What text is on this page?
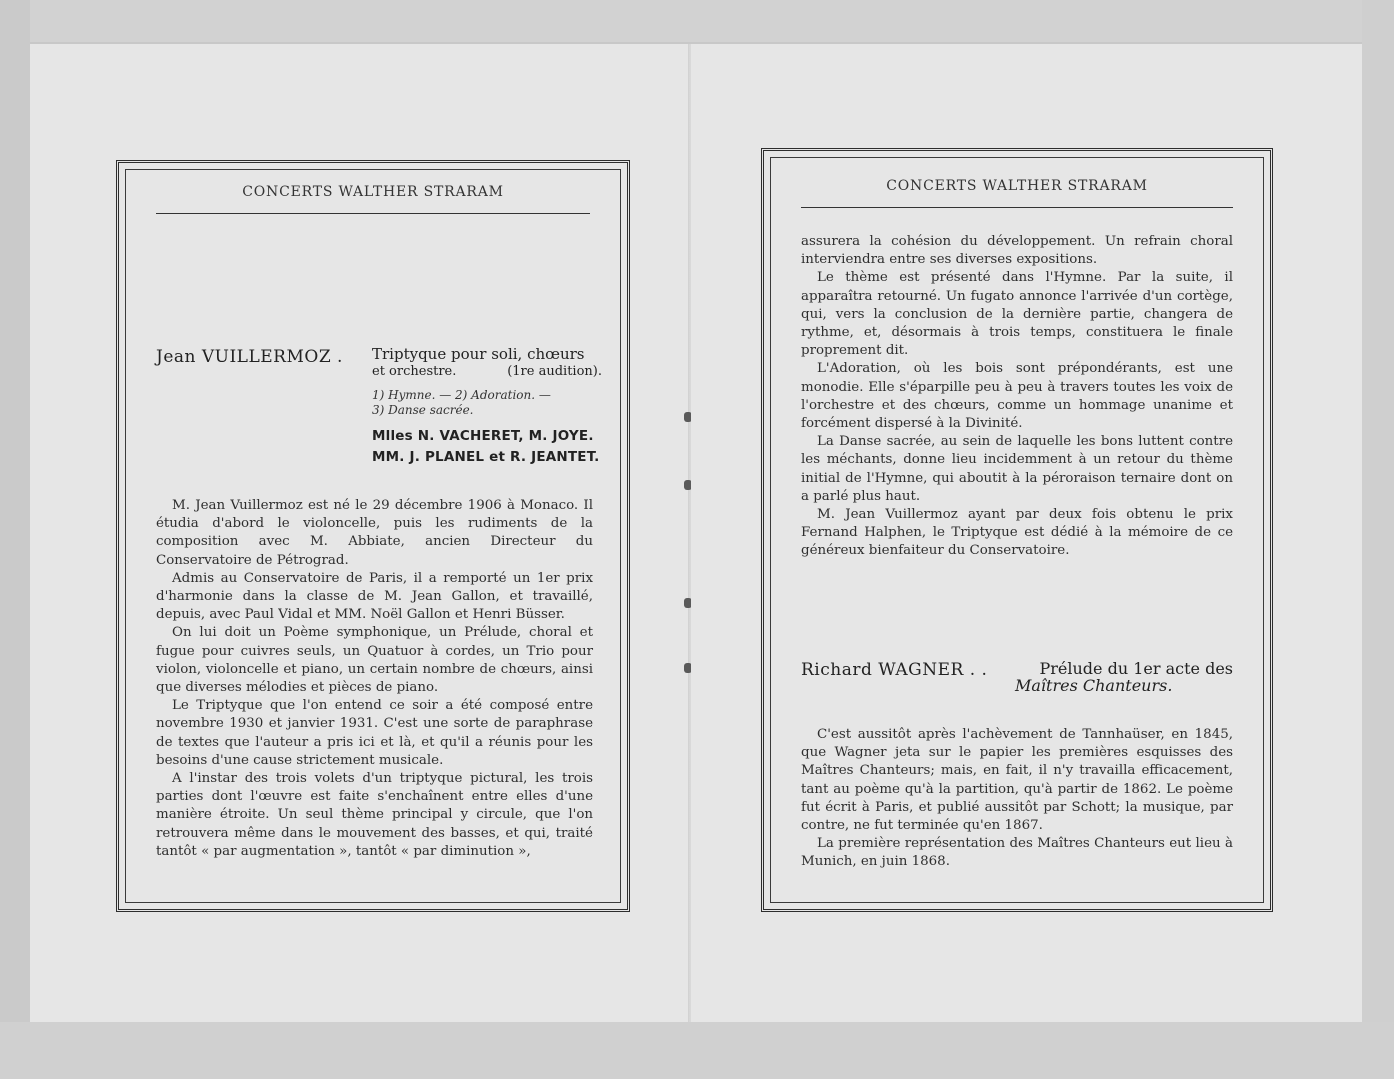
CONCERTS WALTHER STRARAM
Jean VUILLERMOZ . Triptyque pour soli, chœurs
et orchestre.	(1re audition).
1) Hymne. — 2) Adoration. —
3) Danse sacrée.
Mlles N. VACHERET, M. JOYE.
MM. J. PLANEL et R. JEANTET.

M. Jean Vuillermoz est né le 29 décembre 1906 à Monaco. Il étudia d'abord le violoncelle, puis les rudiments de la composition avec M. Abbiate, ancien Directeur du Conservatoire de Pétrograd.

Admis au Conservatoire de Paris, il a remporté un 1er prix d'harmonie dans la classe de M. Jean Gallon, et travaillé, depuis, avec Paul Vidal et MM. Noël Gallon et Henri Büsser.

On lui doit un Poème symphonique, un Prélude, choral et fugue pour cuivres seuls, un Quatuor à cordes, un Trio pour violon, violoncelle et piano, un certain nombre de chœurs, ainsi que diverses mélodies et pièces de piano.

Le Triptyque que l'on entend ce soir a été composé entre novembre 1930 et janvier 1931. C'est une sorte de paraphrase de textes que l'auteur a pris ici et là, et qu'il a réunis pour les besoins d'une cause strictement musicale.

A l'instar des trois volets d'un triptyque pictural, les trois parties dont l'œuvre est faite s'enchaînent entre elles d'une manière étroite. Un seul thème principal y circule, que l'on retrouvera même dans le mouvement des basses, et qui, traité tantôt « par augmentation », tantôt « par diminution »,

CONCERTS WALTHER STRARAM

assurera la cohésion du développement. Un refrain choral interviendra entre ses diverses expositions.

Le thème est présenté dans l'Hymne. Par la suite, il apparaîtra retourné. Un fugato annonce l'arrivée d'un cortège, qui, vers la conclusion de la dernière partie, changera de rythme, et, désormais à trois temps, constituera le finale proprement dit.

L'Adoration, où les bois sont prépondérants, est une monodie. Elle s'éparpille peu à peu à travers toutes les voix de l'orchestre et des chœurs, comme un hommage unanime et forcément dispersé à la Divinité.

La Danse sacrée, au sein de laquelle les bons luttent contre les méchants, donne lieu incidemment à un retour du thème initial de l'Hymne, qui aboutit à la péroraison ternaire dont on a parlé plus haut.

M. Jean Vuillermoz ayant par deux fois obtenu le prix Fernand Halphen, le Triptyque est dédié à la mémoire de ce généreux bienfaiteur du Conservatoire.

Richard WAGNER . .	Prélude du 1er acte des
Maîtres Chanteurs.

C'est aussitôt après l'achèvement de Tannhaüser, en 1845, que Wagner jeta sur le papier les premières esquisses des Maîtres Chanteurs; mais, en fait, il n'y travailla efficacement, tant au poème qu'à la partition, qu'à partir de 1862. Le poème fut écrit à Paris, et publié aussitôt par Schott; la musique, par contre, ne fut terminée qu'en 1867.

La première représentation des Maîtres Chanteurs eut lieu à Munich, en juin 1868.
